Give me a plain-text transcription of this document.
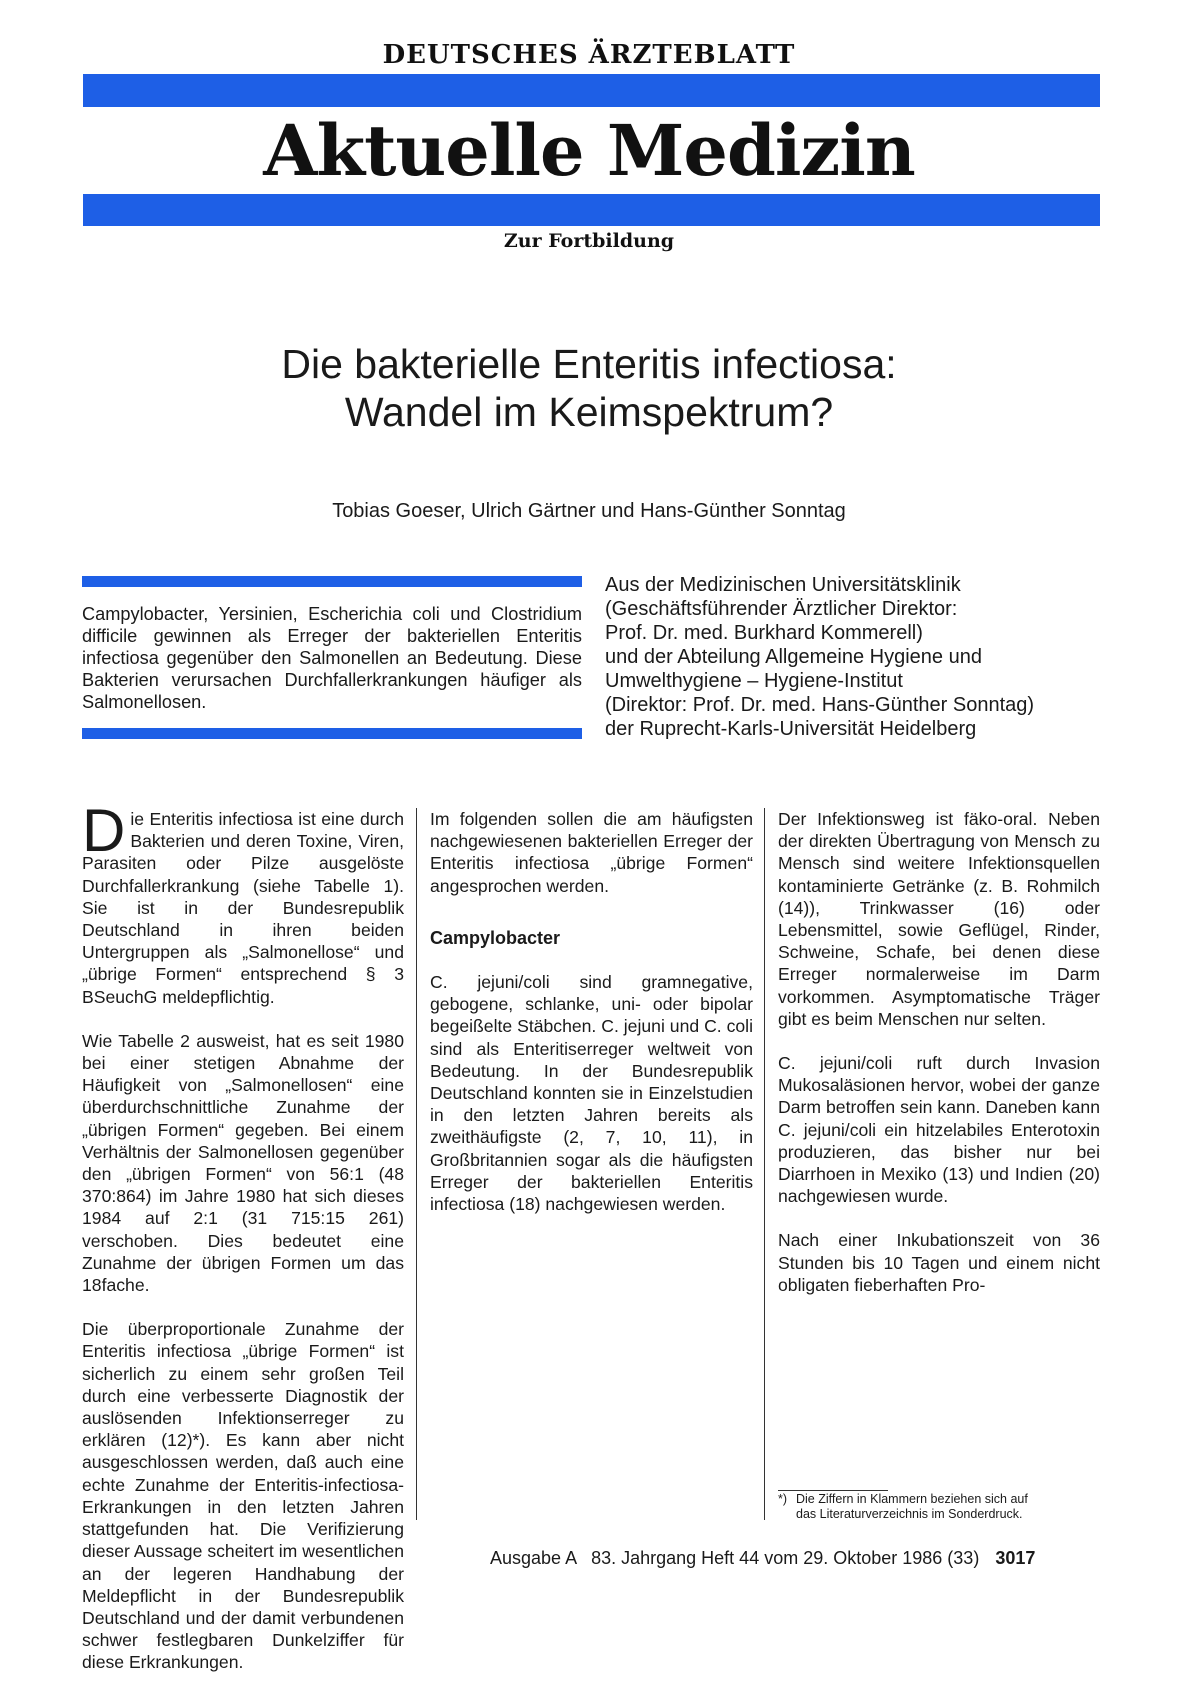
DEUTSCHES ÄRZTEBLATT
Aktuelle Medizin
Zur Fortbildung
Die bakterielle Enteritis infectiosa:
Wandel im Keimspektrum?
Tobias Goeser, Ulrich Gärtner und Hans-Günther Sonntag

Campylobacter, Yersinien, Escherichia coli und Clostridium difficile gewinnen als Erreger der bakteriellen Enteritis infectiosa gegenüber den Salmonellen an Bedeutung. Diese Bakterien verursachen Durchfallerkrankungen häufiger als Salmonellosen.

Aus der Medizinischen Universitätsklinik
(Geschäftsführender Ärztlicher Direktor:
Prof. Dr. med. Burkhard Kommerell)
und der Abteilung Allgemeine Hygiene und
Umwelthygiene – Hygiene-Institut
(Direktor: Prof. Dr. med. Hans-Günther Sonntag)
der Ruprecht-Karls-Universität Heidelberg

Die Enteritis infectiosa ist eine durch Bakterien und deren Toxine, Viren, Parasiten oder Pilze ausgelöste Durchfallerkrankung (siehe Tabelle 1). Sie ist in der Bundesrepublik Deutschland in ihren beiden Untergruppen als „Salmonellose“ und „übrige Formen“ entsprechend § 3 BSeuchG meldepflichtig.

Wie Tabelle 2 ausweist, hat es seit 1980 bei einer stetigen Abnahme der Häufigkeit von „Salmonellosen“ eine überdurchschnittliche Zunahme der „übrigen Formen“ gegeben. Bei einem Verhältnis der Salmonellosen gegenüber den „übrigen Formen“ von 56:1 (48 370:864) im Jahre 1980 hat sich dieses 1984 auf 2:1 (31 715:15 261) verschoben. Dies bedeutet eine Zunahme der übrigen Formen um das 18fache.

Die überproportionale Zunahme der Enteritis infectiosa „übrige Formen“ ist sicherlich zu einem sehr großen Teil durch eine verbesserte Diagnostik der auslösenden Infektionserreger zu erklären (12)*). Es kann aber nicht ausgeschlossen werden, daß auch eine echte Zunahme der Enteritis-infectiosa-Erkrankungen in den letzten Jahren stattgefunden hat. Die Verifizierung dieser Aussage scheitert im wesentlichen an der legeren Handhabung der Meldepflicht in der Bundesrepublik Deutschland und der damit verbundenen schwer festlegbaren Dunkelziffer für diese Erkrankungen.

Im folgenden sollen die am häufigsten nachgewiesenen bakteriellen Erreger der Enteritis infectiosa „übrige Formen“ angesprochen werden.

Campylobacter

C. jejuni/coli sind gramnegative, gebogene, schlanke, uni- oder bipolar begeißelte Stäbchen. C. jejuni und C. coli sind als Enteritiserreger weltweit von Bedeutung. In der Bundesrepublik Deutschland konnten sie in Einzelstudien in den letzten Jahren bereits als zweithäufigste (2, 7, 10, 11), in Großbritannien sogar als die häufigsten Erreger der bakteriellen Enteritis infectiosa (18) nachgewiesen werden.

Der Infektionsweg ist fäko-oral. Neben der direkten Übertragung von Mensch zu Mensch sind weitere Infektionsquellen kontaminierte Getränke (z. B. Rohmilch (14)), Trinkwasser (16) oder Lebensmittel, sowie Geflügel, Rinder, Schweine, Schafe, bei denen diese Erreger normalerweise im Darm vorkommen. Asymptomatische Träger gibt es beim Menschen nur selten.

C. jejuni/coli ruft durch Invasion Mukosaläsionen hervor, wobei der ganze Darm betroffen sein kann. Daneben kann C. jejuni/coli ein hitzelabiles Enterotoxin produzieren, das bisher nur bei Diarrhoen in Mexiko (13) und Indien (20) nachgewiesen wurde.

Nach einer Inkubationszeit von 36 Stunden bis 10 Tagen und einem nicht obligaten fieberhaften Pro-

*) Die Ziffern in Klammern beziehen sich auf
das Literaturverzeichnis im Sonderdruck.
Ausgabe A   83. Jahrgang Heft 44 vom 29. Oktober 1986 (33) 3017
